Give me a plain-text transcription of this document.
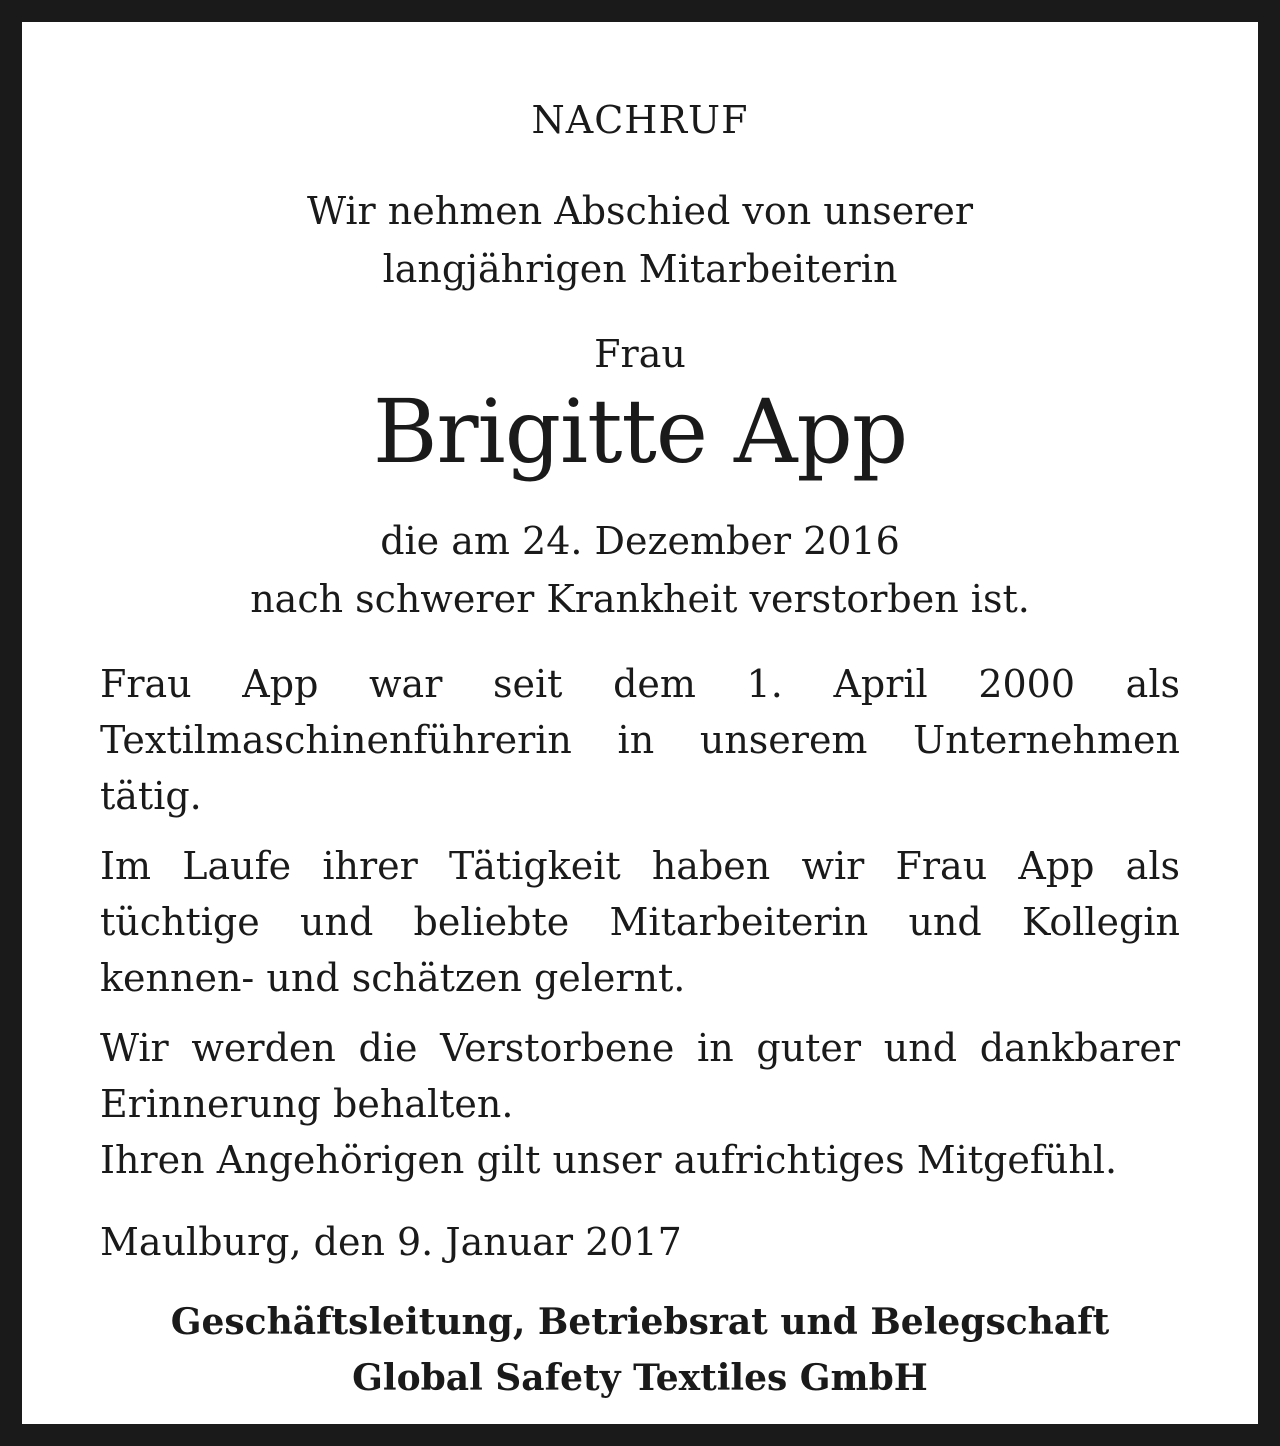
NACHRUF
Wir nehmen Abschied von unserer
langjährigen Mitarbeiterin
Frau
Brigitte App
die am 24. Dezember 2016
nach schwerer Krankheit verstorben ist.

Frau App war seit dem 1. April 2000 als Textilmaschinenführerin in unserem Unternehmen tätig.

Im Laufe ihrer Tätigkeit haben wir Frau App als tüchtige und beliebte Mitarbeiterin und Kollegin kennen- und schätzen gelernt.

Wir werden die Verstorbene in guter und dankbarer Erinnerung behalten.

Ihren Angehörigen gilt unser aufrichtiges Mitgefühl.

Maulburg, den 9. Januar 2017
Geschäftsleitung, Betriebsrat und Belegschaft
Global Safety Textiles GmbH
